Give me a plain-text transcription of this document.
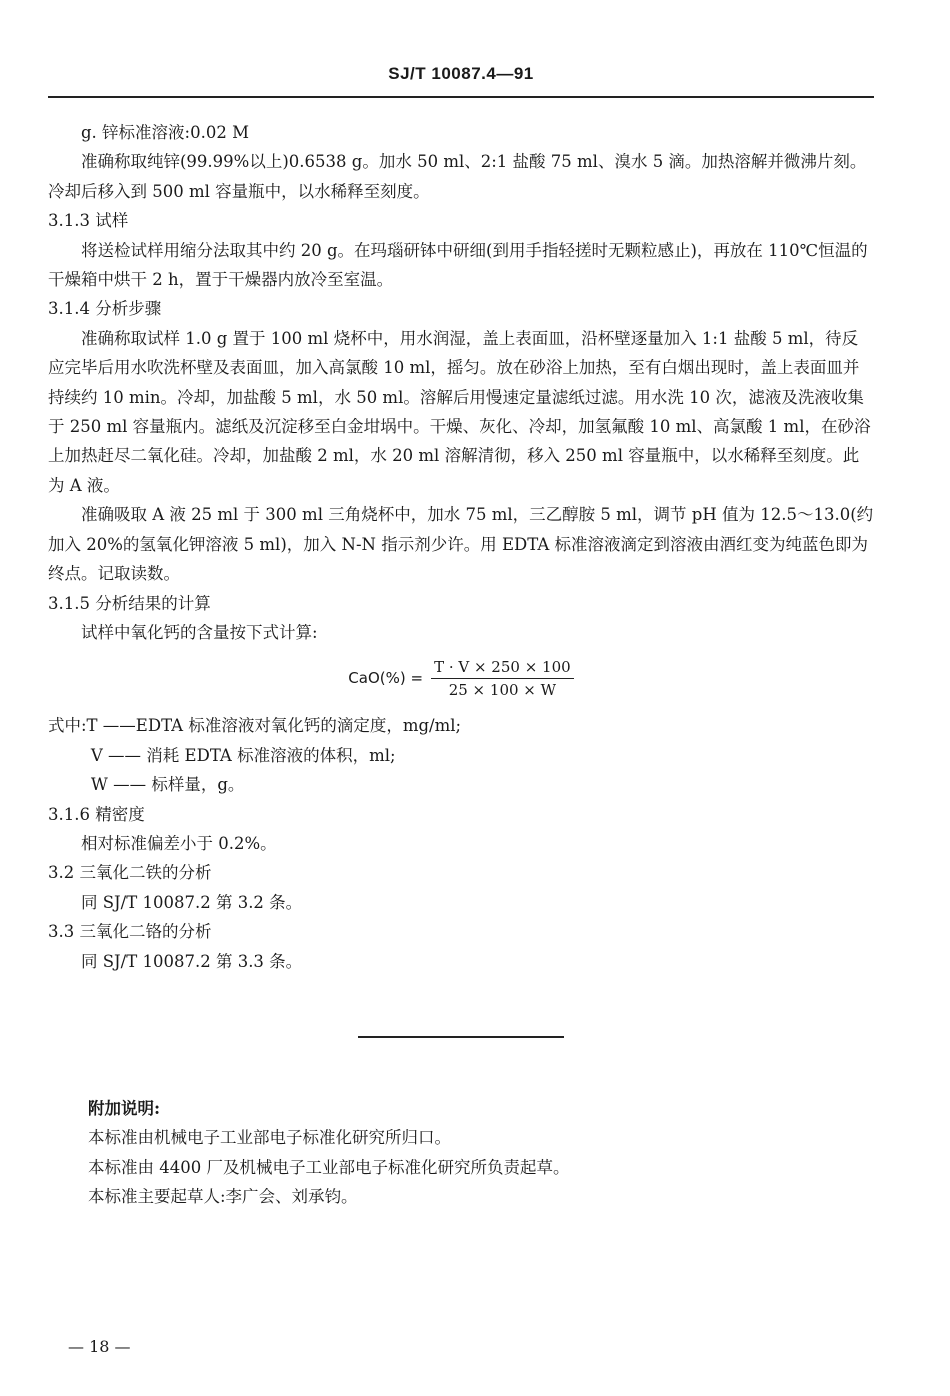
SJ/T 10087.4—91

g. 锌标准溶液:0.02 M

准确称取纯锌(99.99%以上)0.6538 g。加水 50 ml、2:1 盐酸 75 ml、溴水 5 滴。加热溶解并微沸片刻。冷却后移入到 500 ml 容量瓶中，以水稀释至刻度。

3.1.3 试样

将送检试样用缩分法取其中约 20 g。在玛瑙研钵中研细(到用手指轻搓时无颗粒感止)，再放在 110℃恒温的干燥箱中烘干 2 h，置于干燥器内放冷至室温。

3.1.4 分析步骤

准确称取试样 1.0 g 置于 100 ml 烧杯中，用水润湿，盖上表面皿，沿杯壁逐量加入 1:1 盐酸 5 ml，待反应完毕后用水吹洗杯壁及表面皿，加入高氯酸 10 ml，摇匀。放在砂浴上加热，至有白烟出现时，盖上表面皿并持续约 10 min。冷却，加盐酸 5 ml，水 50 ml。溶解后用慢速定量滤纸过滤。用水洗 10 次，滤液及洗液收集于 250 ml 容量瓶内。滤纸及沉淀移至白金坩埚中。干燥、灰化、冷却，加氢氟酸 10 ml、高氯酸 1 ml，在砂浴上加热赶尽二氧化硅。冷却，加盐酸 2 ml，水 20 ml 溶解清彻，移入 250 ml 容量瓶中，以水稀释至刻度。此为 A 液。

准确吸取 A 液 25 ml 于 300 ml 三角烧杯中，加水 75 ml，三乙醇胺 5 ml，调节 pH 值为 12.5～13.0(约加入 20%的氢氧化钾溶液 5 ml)，加入 N-N 指示剂少许。用 EDTA 标准溶液滴定到溶液由酒红变为纯蓝色即为终点。记取读数。

3.1.5 分析结果的计算

试样中氧化钙的含量按下式计算:

$CaO(\%) = \frac{T \cdot V \times 250 \times 100}{25 \times 100 \times W}$

式中:T ——EDTA 标准溶液对氧化钙的滴定度，mg/ml;

V —— 消耗 EDTA 标准溶液的体积，ml;

W —— 标样量，g。

3.1.6 精密度

相对标准偏差小于 0.2%。

3.2 三氧化二铁的分析

同 SJ/T 10087.2 第 3.2 条。

3.3 三氧化二铬的分析

同 SJ/T 10087.2 第 3.3 条。

附加说明:

本标准由机械电子工业部电子标准化研究所归口。

本标准由 4400 厂及机械电子工业部电子标准化研究所负责起草。

本标准主要起草人:李广会、刘承钧。

— 18 —
